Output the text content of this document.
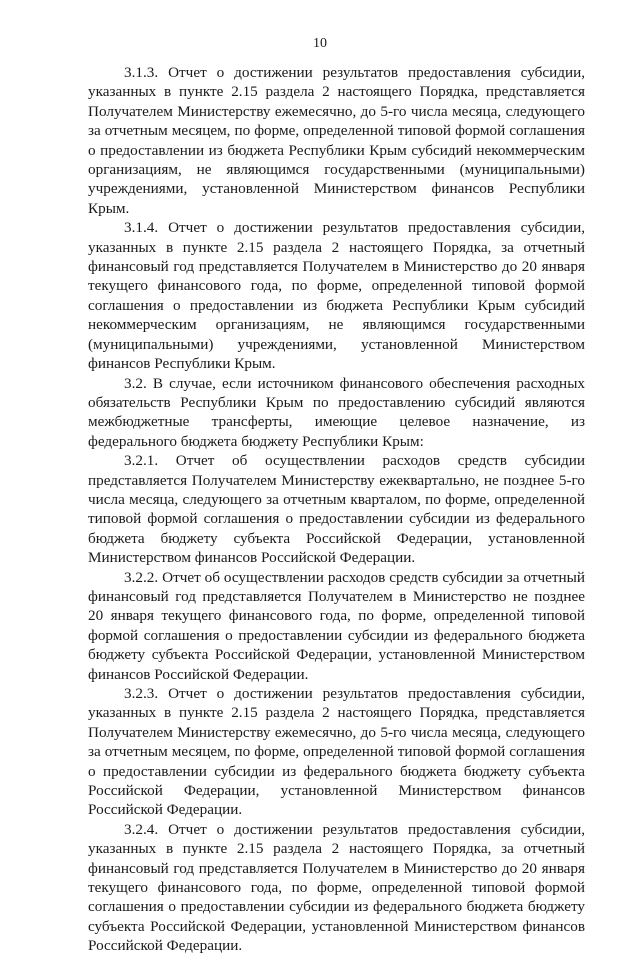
10

3.1.3. Отчет о достижении результатов предоставления субсидии, указанных в пункте 2.15 раздела 2 настоящего Порядка, представляется Получателем Министерству ежемесячно, до 5-го числа месяца, следующего за отчетным месяцем, по форме, определенной типовой формой соглашения о предоставлении из бюджета Республики Крым субсидий некоммерческим организациям, не являющимся государственными (муниципальными) учреждениями, установленной Министерством финансов Республики Крым.

3.1.4. Отчет о достижении результатов предоставления субсидии, указанных в пункте 2.15 раздела 2 настоящего Порядка, за отчетный финансовый год представляется Получателем в Министерство до 20 января текущего финансового года, по форме, определенной типовой формой соглашения о предоставлении из бюджета Республики Крым субсидий некоммерческим организациям, не являющимся государственными (муниципальными) учреждениями, установленной Министерством финансов Республики Крым.

3.2. В случае, если источником финансового обеспечения расходных обязательств Республики Крым по предоставлению субсидий являются межбюджетные трансферты, имеющие целевое назначение, из федерального бюджета бюджету Республики Крым:

3.2.1. Отчет об осуществлении расходов средств субсидии представляется Получателем Министерству ежеквартально, не позднее 5-го числа месяца, следующего за отчетным кварталом, по форме, определенной типовой формой соглашения о предоставлении субсидии из федерального бюджета бюджету субъекта Российской Федерации, установленной Министерством финансов Российской Федерации.

3.2.2. Отчет об осуществлении расходов средств субсидии за отчетный финансовый год представляется Получателем в Министерство не позднее 20 января текущего финансового года, по форме, определенной типовой формой соглашения о предоставлении субсидии из федерального бюджета бюджету субъекта Российской Федерации, установленной Министерством финансов Российской Федерации.

3.2.3. Отчет о достижении результатов предоставления субсидии, указанных в пункте 2.15 раздела 2 настоящего Порядка, представляется Получателем Министерству ежемесячно, до 5-го числа месяца, следующего за отчетным месяцем, по форме, определенной типовой формой соглашения о предоставлении субсидии из федерального бюджета бюджету субъекта Российской Федерации, установленной Министерством финансов Российской Федерации.

3.2.4. Отчет о достижении результатов предоставления субсидии, указанных в пункте 2.15 раздела 2 настоящего Порядка, за отчетный финансовый год представляется Получателем в Министерство до 20 января текущего финансового года, по форме, определенной типовой формой соглашения о предоставлении субсидии из федерального бюджета бюджету субъекта Российской Федерации, установленной Министерством финансов Российской Федерации.
